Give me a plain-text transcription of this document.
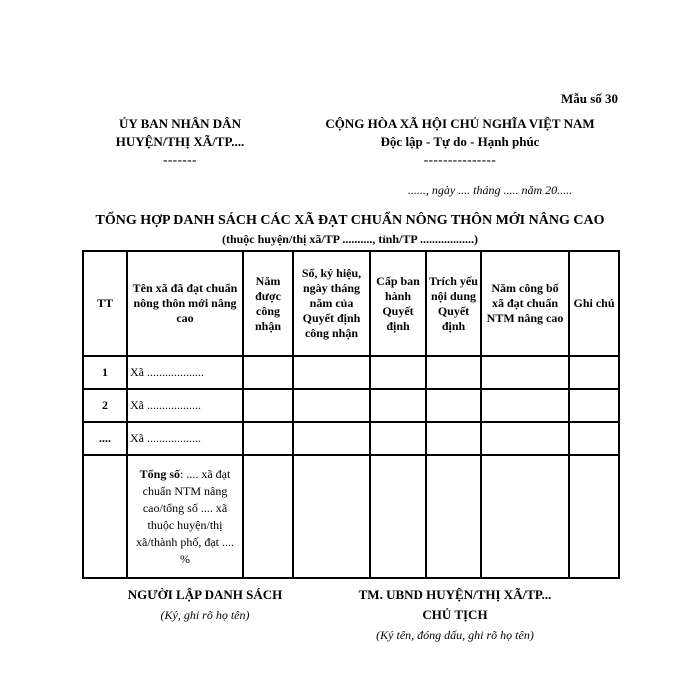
Mẫu số 30
ỦY BAN NHÂN DÂN
HUYỆN/THỊ XÃ/TP....
-------
CỘNG HÒA XÃ HỘI CHỦ NGHĨA VIỆT NAM
Độc lập - Tự do - Hạnh phúc
---------------
......, ngày .... tháng ..... năm 20.....
TỔNG HỢP DANH SÁCH CÁC XÃ ĐẠT CHUẨN NÔNG THÔN MỚI NÂNG CAO
(thuộc huyện/thị xã/TP .........., tỉnh/TP ..................)
TT	Tên xã đã đạt chuẩn nông thôn mới nâng cao	Năm được công nhận	Số, ký hiệu, ngày tháng năm của Quyết định công nhận	Cấp ban hành Quyết định	Trích yếu nội dung Quyết định	Năm công bố xã đạt chuẩn NTM nâng cao	Ghi chú
1	Xã ...................						
2	Xã ..................						
....	Xã ..................						
	Tổng số: .... xã đạt chuẩn NTM nâng cao/tổng số .... xã thuộc huyện/thị xã/thành phố, đạt .... %						
NGƯỜI LẬP DANH SÁCH
(Ký, ghi rõ họ tên)
TM. UBND HUYỆN/THỊ XÃ/TP...
CHỦ TỊCH
(Ký tên, đóng dấu, ghi rõ họ tên)
